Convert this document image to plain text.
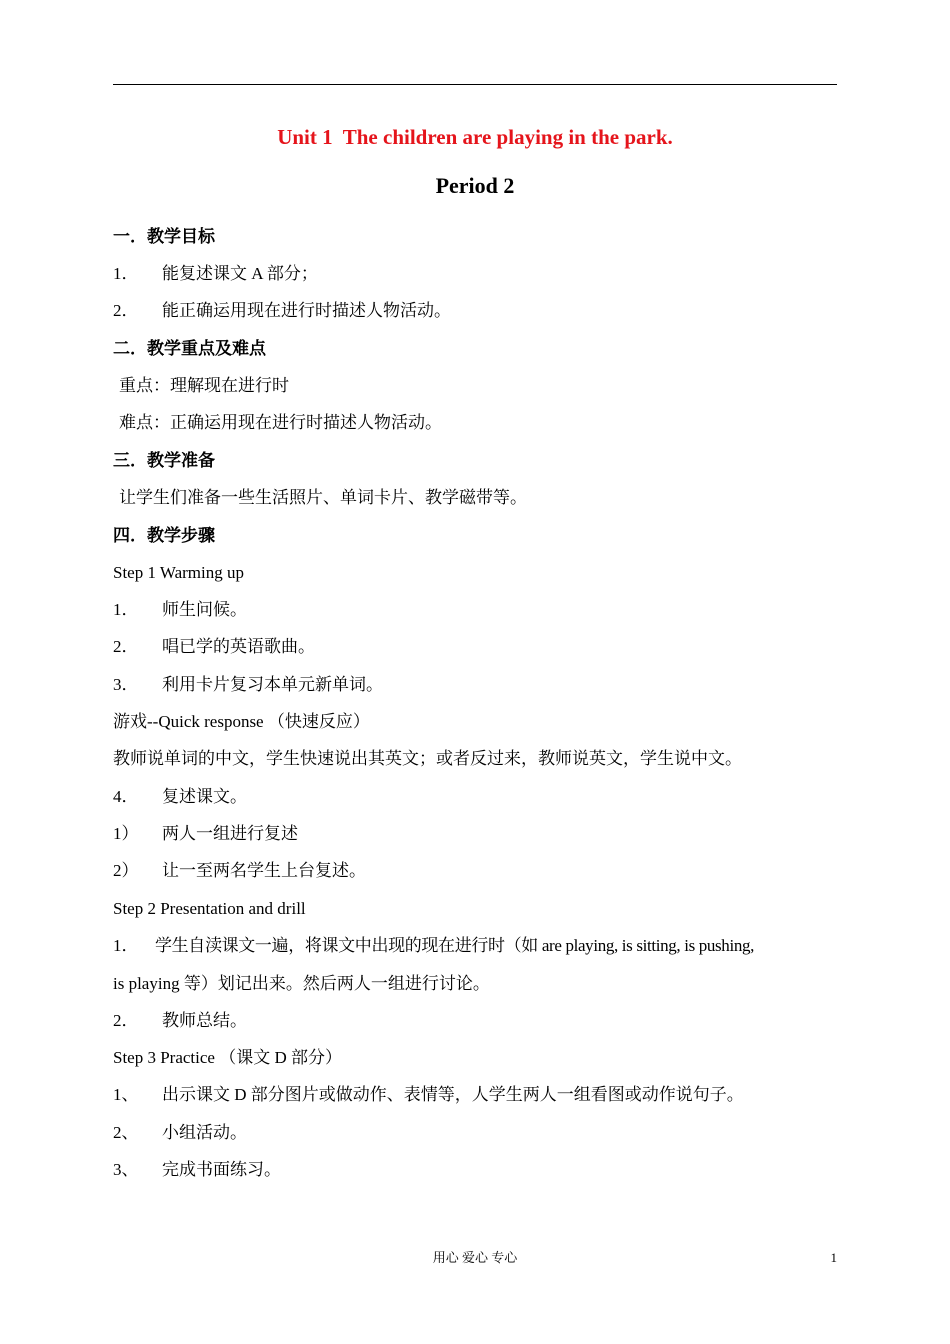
Unit 1  The children are playing in the park.
Period 2
一．教学目标
1． 能复述课文 A 部分；
2． 能正确运用现在进行时描述人物活动。
二．教学重点及难点
重点：理解现在进行时
难点：正确运用现在进行时描述人物活动。
三．教学准备
让学生们准备一些生活照片、单词卡片、教学磁带等。
四．教学步骤
Step 1 Warming up
1． 师生问候。
2． 唱已学的英语歌曲。
3． 利用卡片复习本单元新单词。
游戏--Quick response （快速反应）
教师说单词的中文，学生快速说出其英文；或者反过来，教师说英文，学生说中文。
4． 复述课文。
1） 两人一组进行复述
2） 让一至两名学生上台复述。
Step 2 Presentation and drill
1． 学生自渎课文一遍，将课文中出现的现在进行时（如 are playing, is sitting, is pushing,
is playing 等）划记出来。然后两人一组进行讨论。
2． 教师总结。
Step 3 Practice （课文 D 部分）
1、 出示课文 D 部分图片或做动作、表情等，人学生两人一组看图或动作说句子。
2、 小组活动。
3、 完成书面练习。
用心 爱心 专心	1
